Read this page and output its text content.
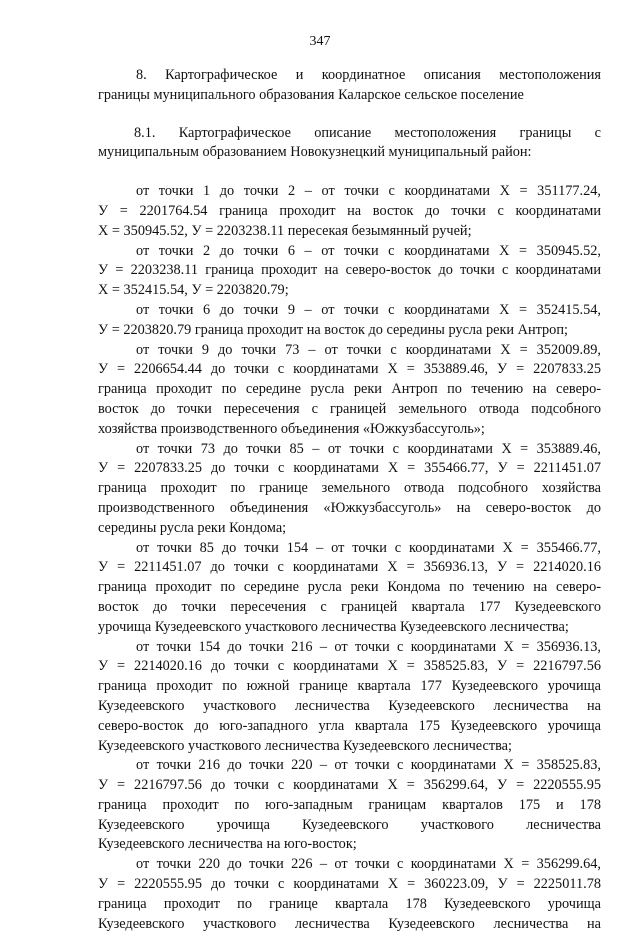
347
8. Картографическое и координатное описания местоположения
границы муниципального образования Каларское сельское поселение
8.1. Картографическое описание местоположения границы с
муниципальным образованием Новокузнецкий муниципальный район:
от точки 1 до точки 2 – от точки с координатами X = 351177.24,
У = 2201764.54 граница проходит на восток до точки с координатами
X = 350945.52, У = 2203238.11 пересекая безымянный ручей;
от точки 2 до точки 6 – от точки с координатами X = 350945.52,
У = 2203238.11 граница проходит на северо-восток до точки с координатами
X = 352415.54, У = 2203820.79;
от точки 6 до точки 9 – от точки с координатами X = 352415.54,
У = 2203820.79 граница проходит на восток до середины русла реки Антроп;
от точки 9 до точки 73 – от точки с координатами X = 352009.89,
У = 2206654.44 до точки с координатами X = 353889.46, У = 2207833.25
граница проходит по середине русла реки Антроп по течению на северо-
восток до точки пересечения с границей земельного отвода подсобного
хозяйства производственного объединения «Южкузбассуголь»;
от точки 73 до точки 85 – от точки с координатами X = 353889.46,
У = 2207833.25 до точки с координатами X = 355466.77, У = 2211451.07
граница проходит по границе земельного отвода подсобного хозяйства
производственного объединения «Южкузбассуголь» на северо-восток до
середины русла реки Кондома;
от точки 85 до точки 154 – от точки с координатами X = 355466.77,
У = 2211451.07 до точки с координатами X = 356936.13, У = 2214020.16
граница проходит по середине русла реки Кондома по течению на северо-
восток до точки пересечения с границей квартала 177 Кузедеевского
урочища Кузедеевского участкового лесничества Кузедеевского лесничества;
от точки 154 до точки 216 – от точки с координатами X = 356936.13,
У = 2214020.16 до точки с координатами X = 358525.83, У = 2216797.56
граница проходит по южной границе квартала 177 Кузедеевского урочища
Кузедеевского участкового лесничества Кузедеевского лесничества на
северо-восток до юго-западного угла квартала 175 Кузедеевского урочища
Кузедеевского участкового лесничества Кузедеевского лесничества;
от точки 216 до точки 220 – от точки с координатами X = 358525.83,
У = 2216797.56 до точки с координатами X = 356299.64, У = 2220555.95
граница проходит по юго-западным границам кварталов 175 и 178
Кузедеевского урочища Кузедеевского участкового лесничества
Кузедеевского лесничества на юго-восток;
от точки 220 до точки 226 – от точки с координатами X = 356299.64,
У = 2220555.95 до точки с координатами X = 360223.09, У = 2225011.78
граница проходит по границе квартала 178 Кузедеевского урочища
Кузедеевского участкового лесничества Кузедеевского лесничества на
